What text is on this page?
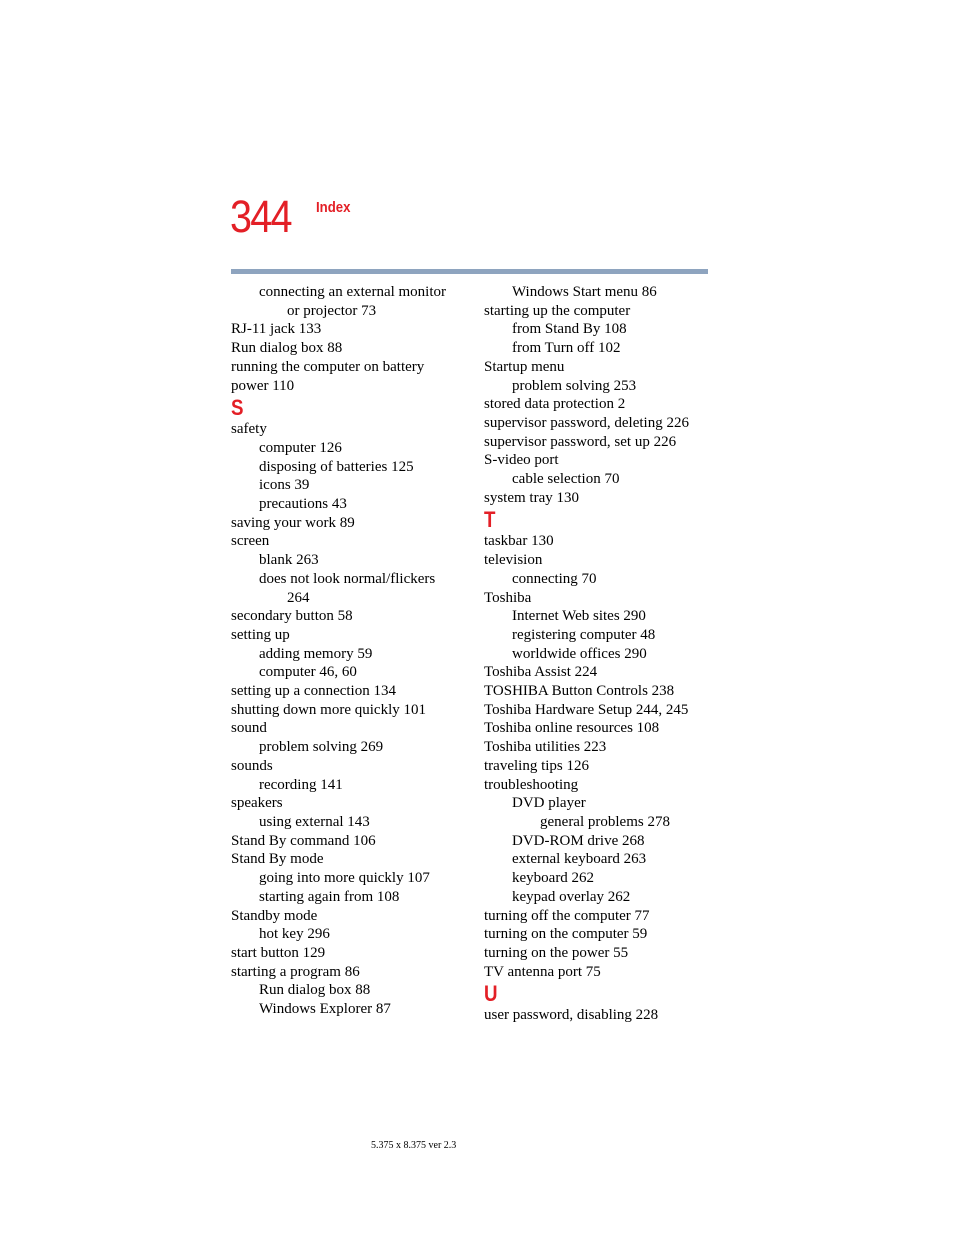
344 Index
connecting an external monitor
or projector 73
RJ-11 jack 133
Run dialog box 88
running the computer on battery
power 110
S
safety
computer 126
disposing of batteries 125
icons 39
precautions 43
saving your work 89
screen
blank 263
does not look normal/flickers
264
secondary button 58
setting up
adding memory 59
computer 46, 60
setting up a connection 134
shutting down more quickly 101
sound
problem solving 269
sounds
recording 141
speakers
using external 143
Stand By command 106
Stand By mode
going into more quickly 107
starting again from 108
Standby mode
hot key 296
start button 129
starting a program 86
Run dialog box 88
Windows Explorer 87
Windows Start menu 86
starting up the computer
from Stand By 108
from Turn off 102
Startup menu
problem solving 253
stored data protection 2
supervisor password, deleting 226
supervisor password, set up 226
S-video port
cable selection 70
system tray 130
T
taskbar 130
television
connecting 70
Toshiba
Internet Web sites 290
registering computer 48
worldwide offices 290
Toshiba Assist 224
TOSHIBA Button Controls 238
Toshiba Hardware Setup 244, 245
Toshiba online resources 108
Toshiba utilities 223
traveling tips 126
troubleshooting
DVD player
general problems 278
DVD-ROM drive 268
external keyboard 263
keyboard 262
keypad overlay 262
turning off the computer 77
turning on the computer 59
turning on the power 55
TV antenna port 75
U
user password, disabling 228
5.375 x 8.375 ver 2.3
